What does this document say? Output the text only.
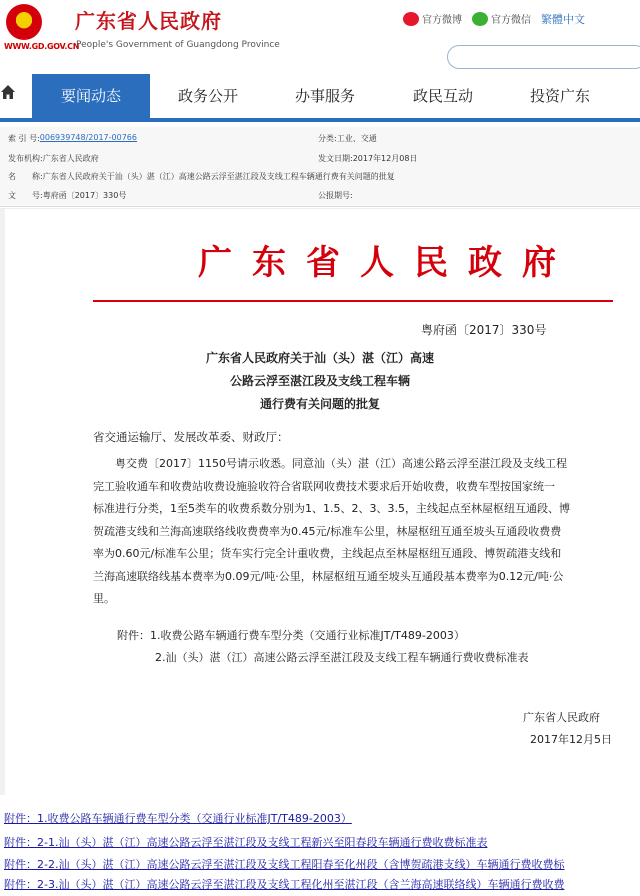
★
WWW.GD.GOV.CN
广东省人民政府
People's Government of Guangdong Province
官方微博	官方微信 繁體中文
要闻动态	政务公开	办事服务	政民互动	投资广东
索 引 号: 006939748/2017-00766	分类: 工业、交通
发布机构: 广东省人民政府	发文日期: 2017年12月08日
名　　称: 广东省人民政府关于汕（头）湛（江）高速公路云浮至湛江段及支线工程车辆通行费有关问题的批复
文　　号: 粤府函〔2017〕330号	公报期号:
广东省人民政府
粤府函〔2017〕330号
广东省人民政府关于汕（头）湛（江）高速
公路云浮至湛江段及支线工程车辆
通行费有关问题的批复
省交通运输厅、发展改革委、财政厅：
粤交费〔2017〕1150号请示收悉。同意汕（头）湛（江）高速公路云浮至湛江段及支线工程
完工验收通车和收费站收费设施验收符合省联网收费技术要求后开始收费，收费车型按国家统一
标准进行分类，1至5类车的收费系数分别为1、1.5、2、3、3.5，主线起点至林屋枢纽互通段、博
贺疏港支线和兰海高速联络线收费费率为0.45元/标准车公里，林屋枢纽互通至坡头互通段收费费
率为0.60元/标准车公里；货车实行完全计重收费，主线起点至林屋枢纽互通段、博贺疏港支线和
兰海高速联络线基本费率为0.09元/吨·公里，林屋枢纽互通至坡头互通段基本费率为0.12元/吨·公
里。
附件：1.收费公路车辆通行费车型分类（交通行业标准JT/T489-2003）
2.汕（头）湛（江）高速公路云浮至湛江段及支线工程车辆通行费收费标准表
广东省人民政府
2017年12月5日
附件：1.收费公路车辆通行费车型分类（交通行业标准JT/T489-2003）
附件：2-1.汕（头）湛（江）高速公路云浮至湛江段及支线工程新兴至阳春段车辆通行费收费标准表
附件：2-2.汕（头）湛（江）高速公路云浮至湛江段及支线工程阳春至化州段（含博贺疏港支线）车辆通行费收费标
附件：2-3.汕（头）湛（江）高速公路云浮至湛江段及支线工程化州至湛江段（含兰海高速联络线）车辆通行费收费
